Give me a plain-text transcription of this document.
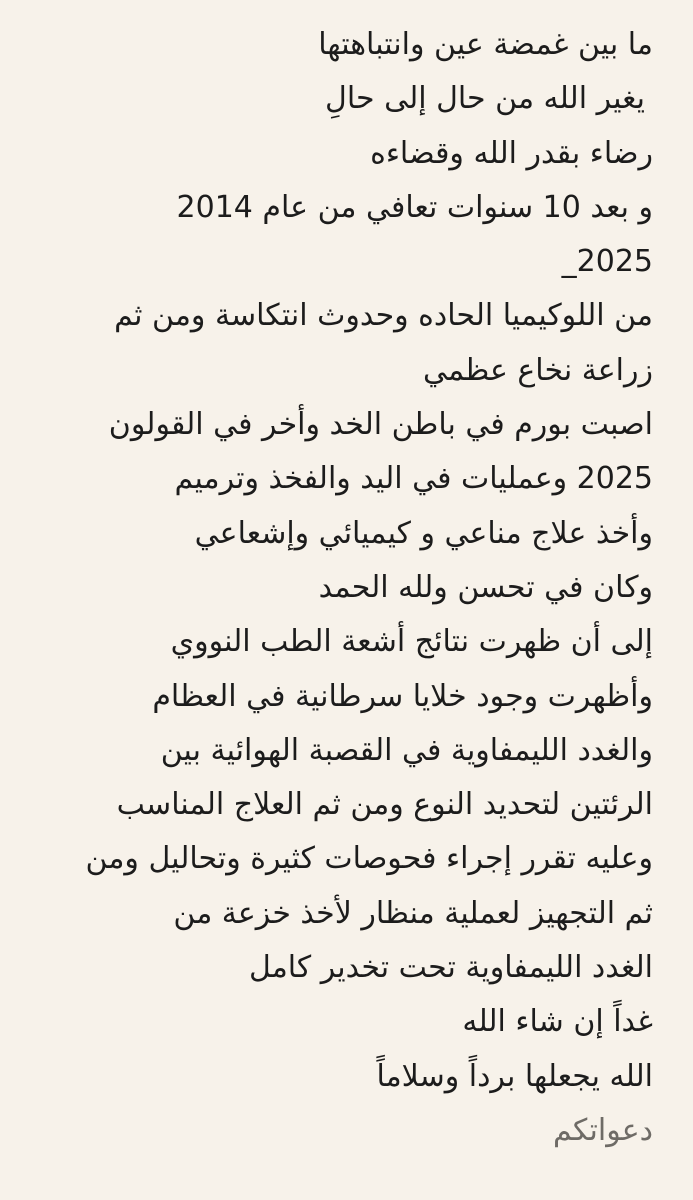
ما بين غمضة عين وانتباهتها
يغير الله من حال إلى حالِ
رضاء بقدر الله وقضاءه
و بعد 10 سنوات تعافي من عام 2014
_2025
من اللوكيميا الحاده وحدوث انتكاسة ومن ثم
زراعة نخاع عظمي
اصبت بورم في باطن الخد وأخر في القولون
2025 وعمليات في اليد والفخذ وترميم
وأخذ علاج مناعي و كيميائي وإشعاعي
وكان في تحسن ولله الحمد
إلى أن ظهرت نتائج أشعة الطب النووي
وأظهرت وجود خلايا سرطانية في العظام
والغدد الليمفاوية في القصبة الهوائية بين
الرئتين لتحديد النوع ومن ثم العلاج المناسب
وعليه تقرر إجراء فحوصات كثيرة وتحاليل ومن
ثم التجهيز لعملية منظار لأخذ خزعة من
الغدد الليمفاوية تحت تخدير كامل
غداً إن شاء الله
الله يجعلها برداً وسلاماً
دعواتكم
